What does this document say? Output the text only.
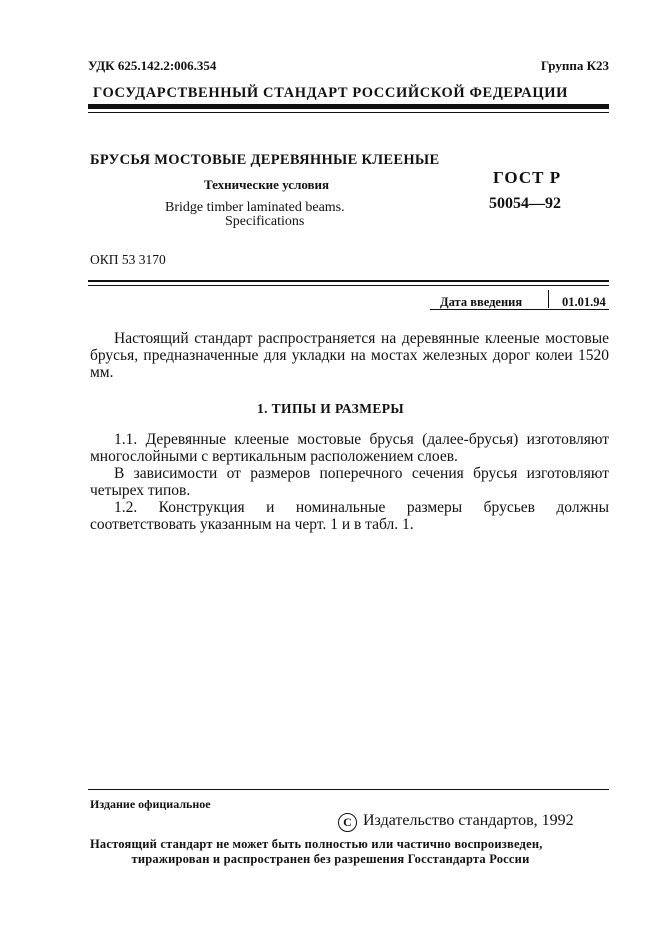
УДК 625.142.2:006.354	Группа К23
ГОСУДАРСТВЕННЫЙ СТАНДАРТ РОССИЙСКОЙ ФЕДЕРАЦИИ
БРУСЬЯ МОСТОВЫЕ ДЕРЕВЯННЫЕ КЛЕЕНЫЕ
Технические условия
Bridge timber laminated beams.
Specifications
ГОСТ Р
50054—92
ОКП 53 3170
Дата введения	01.01.94
Настоящий стандарт распространяется на деревянные клееные мостовые брусья, предназначенные для укладки на мостах железных дорог колеи 1520 мм.
1. ТИПЫ И РАЗМЕРЫ
1.1. Деревянные клееные мостовые брусья (далее-брусья) изготовляют многослойными с вертикальным расположением слоев.
В зависимости от размеров поперечного сечения брусья изготовляют четырех типов.
1.2. Конструкция и номинальные размеры брусьев должны соответствовать указанным на черт. 1 и в табл. 1.
Издание официальное
C Издательство стандартов, 1992
Настоящий стандарт не может быть полностью или частично воспроизведен,
тиражирован и распространен без разрешения Госстандарта России
